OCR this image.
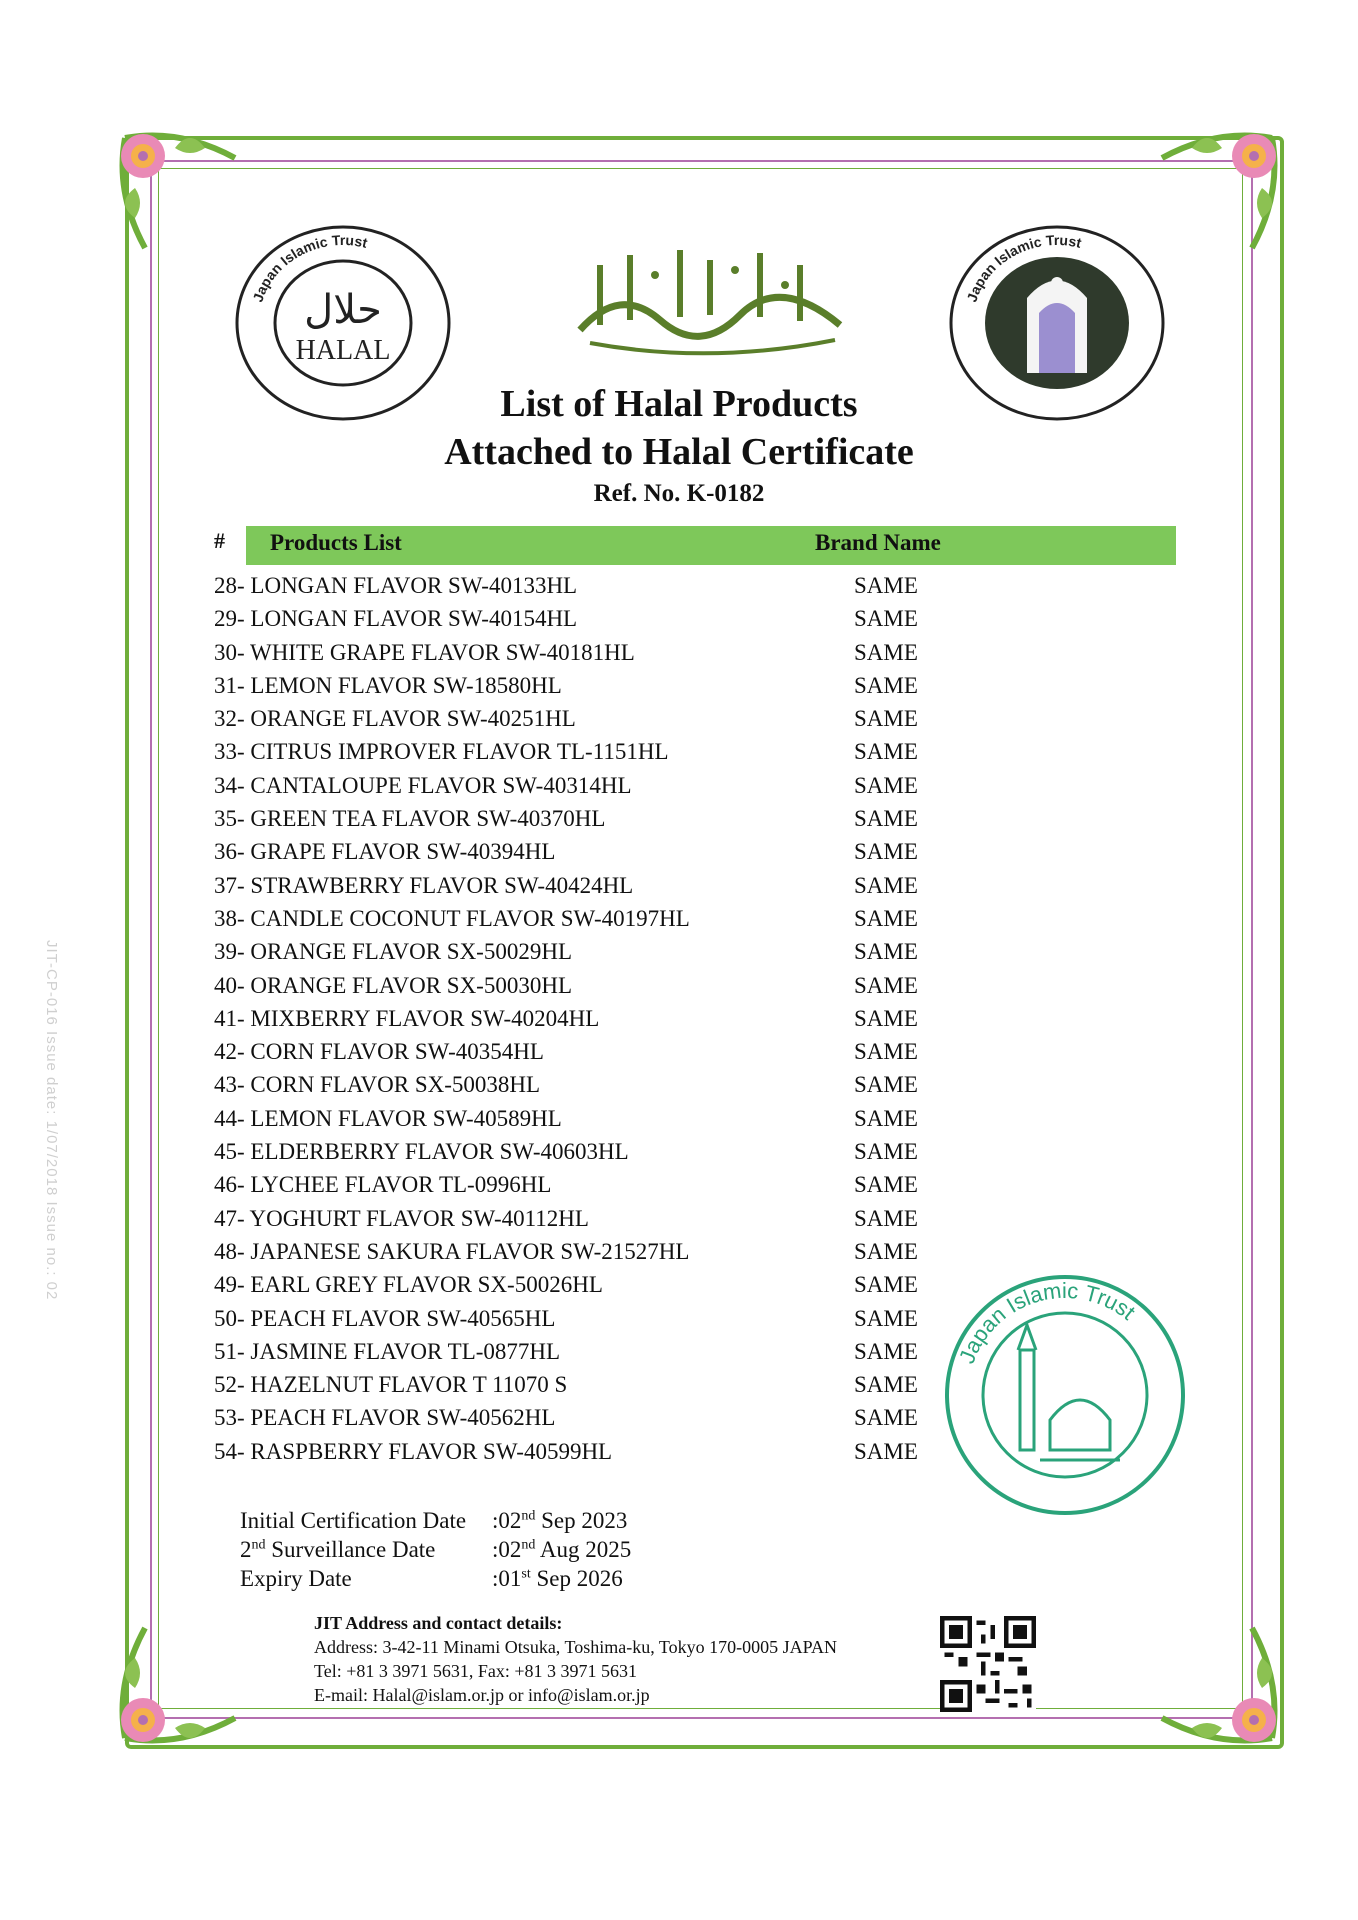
JIT-CP-016 Issue date: 1/07/2018 Issue no.: 02
Japan Islamic Trust
حلال
HALAL
Japan Islamic Trust
List of Halal Products
Attached to Halal Certificate
Ref. No. K-0182
# Products List	Brand Name
28- LONGAN FLAVOR SW-40133HL	SAME
29- LONGAN FLAVOR SW-40154HL	SAME
30- WHITE GRAPE FLAVOR SW-40181HL	SAME
31- LEMON FLAVOR SW-18580HL	SAME
32- ORANGE FLAVOR SW-40251HL	SAME
33- CITRUS IMPROVER FLAVOR TL-1151HL	SAME
34- CANTALOUPE FLAVOR SW-40314HL	SAME
35- GREEN TEA FLAVOR SW-40370HL	SAME
36- GRAPE FLAVOR SW-40394HL	SAME
37- STRAWBERRY FLAVOR SW-40424HL	SAME
38- CANDLE COCONUT FLAVOR SW-40197HL	SAME
39- ORANGE FLAVOR SX-50029HL	SAME
40- ORANGE FLAVOR SX-50030HL	SAME
41- MIXBERRY FLAVOR SW-40204HL	SAME
42- CORN FLAVOR SW-40354HL	SAME
43- CORN FLAVOR SX-50038HL	SAME
44- LEMON FLAVOR SW-40589HL	SAME
45- ELDERBERRY FLAVOR SW-40603HL	SAME
46- LYCHEE FLAVOR TL-0996HL	SAME
47- YOGHURT FLAVOR SW-40112HL	SAME
48- JAPANESE SAKURA FLAVOR SW-21527HL	SAME
49- EARL GREY FLAVOR SX-50026HL	SAME
50- PEACH FLAVOR SW-40565HL	SAME
51- JASMINE FLAVOR TL-0877HL	SAME
52- HAZELNUT FLAVOR T 11070 S	SAME
53- PEACH FLAVOR SW-40562HL	SAME
54- RASPBERRY FLAVOR SW-40599HL	SAME
Japan Islamic Trust
Initial Certification Date :02nd Sep 2023
2nd Surveillance Date :02nd Aug 2025
Expiry Date	:01st Sep 2026
JIT Address and contact details:
Address: 3-42-11 Minami Otsuka, Toshima-ku, Tokyo 170-0005 JAPAN
Tel: +81 3 3971 5631, Fax: +81 3 3971 5631
E-mail: Halal@islam.or.jp or info@islam.or.jp
